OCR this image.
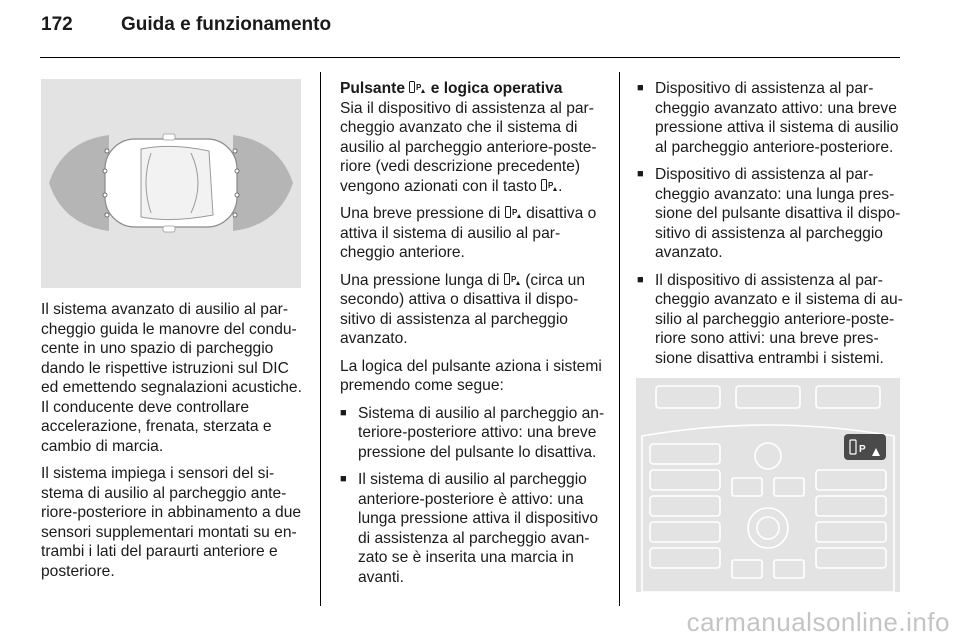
172	Guida e funzionamento

Il sistema avanzato di ausilio al parcheggio guida le manovre del conducente in uno spazio di parcheggio dando le rispettive istruzioni sul DIC ed emettendo segnalazioni acustiche. Il conducente deve controllare accelerazione, frenata, sterzata e cambio di marcia.

Il sistema impiega i sensori del sistema di ausilio al parcheggio anteriore-posteriore in abbinamento a due sensori supplementari montati su entrambi i lati del paraurti anteriore e posteriore.

Pulsante P e logica operativa

Sia il dispositivo di assistenza al parcheggio avanzato che il sistema di ausilio al parcheggio anteriore-posteriore (vedi descrizione precedente) vengono azionati con il tasto P .

Una breve pressione di P disattiva o attiva il sistema di ausilio al parcheggio anteriore.

Una pressione lunga di P (circa un secondo) attiva o disattiva il dispositivo di assistenza al parcheggio avanzato.

La logica del pulsante aziona i sistemi premendo come segue:

■ Sistema di ausilio al parcheggio anteriore-posteriore attivo: una breve pressione del pulsante lo disattiva.
■ Il sistema di ausilio al parcheggio anteriore-posteriore è attivo: una lunga pressione attiva il dispositivo di assistenza al parcheggio avanzato se è inserita una marcia in avanti.
■ Dispositivo di assistenza al parcheggio avanzato attivo: una breve pressione attiva il sistema di ausilio al parcheggio anteriore-posteriore.
■ Dispositivo di assistenza al parcheggio avanzato: una lunga pressione del pulsante disattiva il dispositivo di assistenza al parcheggio avanzato.
■ Il dispositivo di assistenza al parcheggio avanzato e il sistema di ausilio al parcheggio anteriore-posteriore sono attivi: una breve pressione disattiva entrambi i sistemi.
P
carmanualsonline.info
